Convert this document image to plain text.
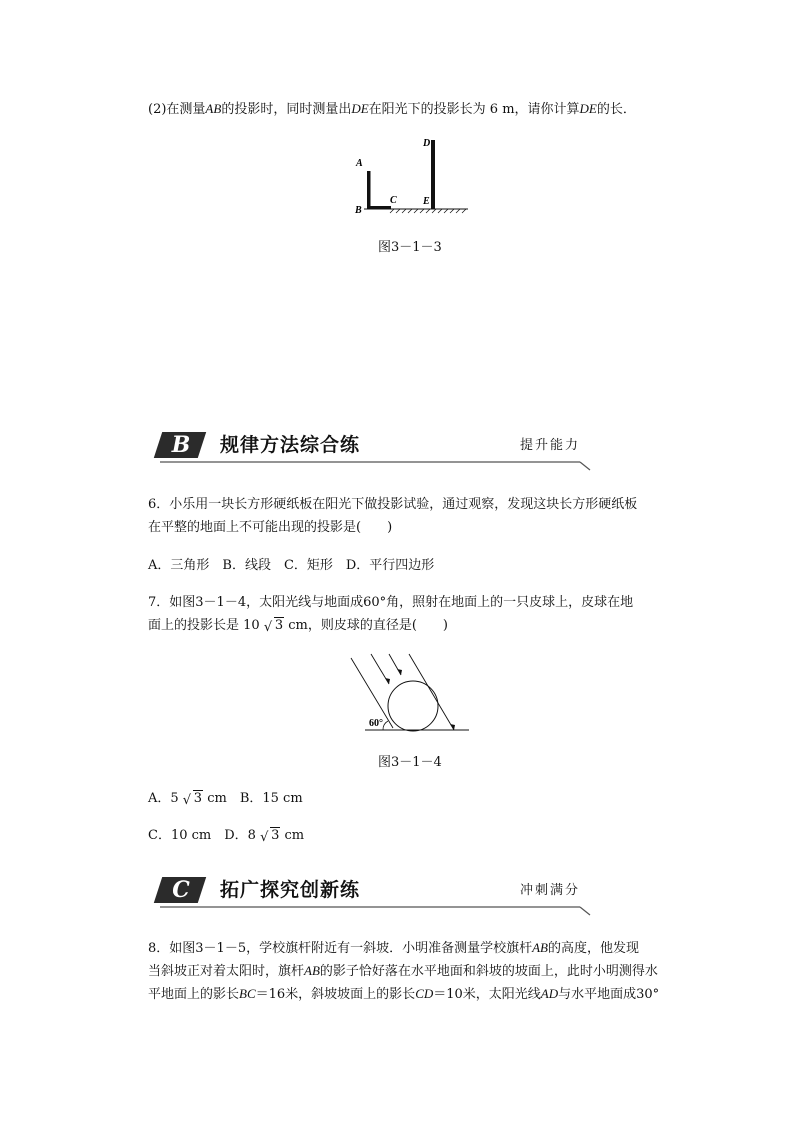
(2)在测量AB的投影时，同时测量出DE在阳光下的投影长为 6 m，请你计算DE的长．
A
B
C
D
E
图3－1－3
B	规律方法综合练	提升能力
6．小乐用一块长方形硬纸板在阳光下做投影试验，通过观察，发现这块长方形硬纸板
在平整的地面上不可能出现的投影是(　　)
A．三角形　B．线段　C．矩形　D．平行四边形
7．如图3－1－4，太阳光线与地面成60°角，照射在地面上的一只皮球上，皮球在地
面上的投影长是 10 √ 3 cm，则皮球的直径是(　　)
60°
图3－1－4
A．5 √ 3 cm　B．15 cm
C．10 cm　D．8 √ 3 cm
C	拓广探究创新练	冲刺满分
8．如图3－1－5，学校旗杆附近有一斜坡．小明准备测量学校旗杆AB的高度，他发现
当斜坡正对着太阳时，旗杆AB的影子恰好落在水平地面和斜坡的坡面上，此时小明测得水
平地面上的影长BC＝16米，斜坡坡面上的影长CD＝10米，太阳光线AD与水平地面成30°
